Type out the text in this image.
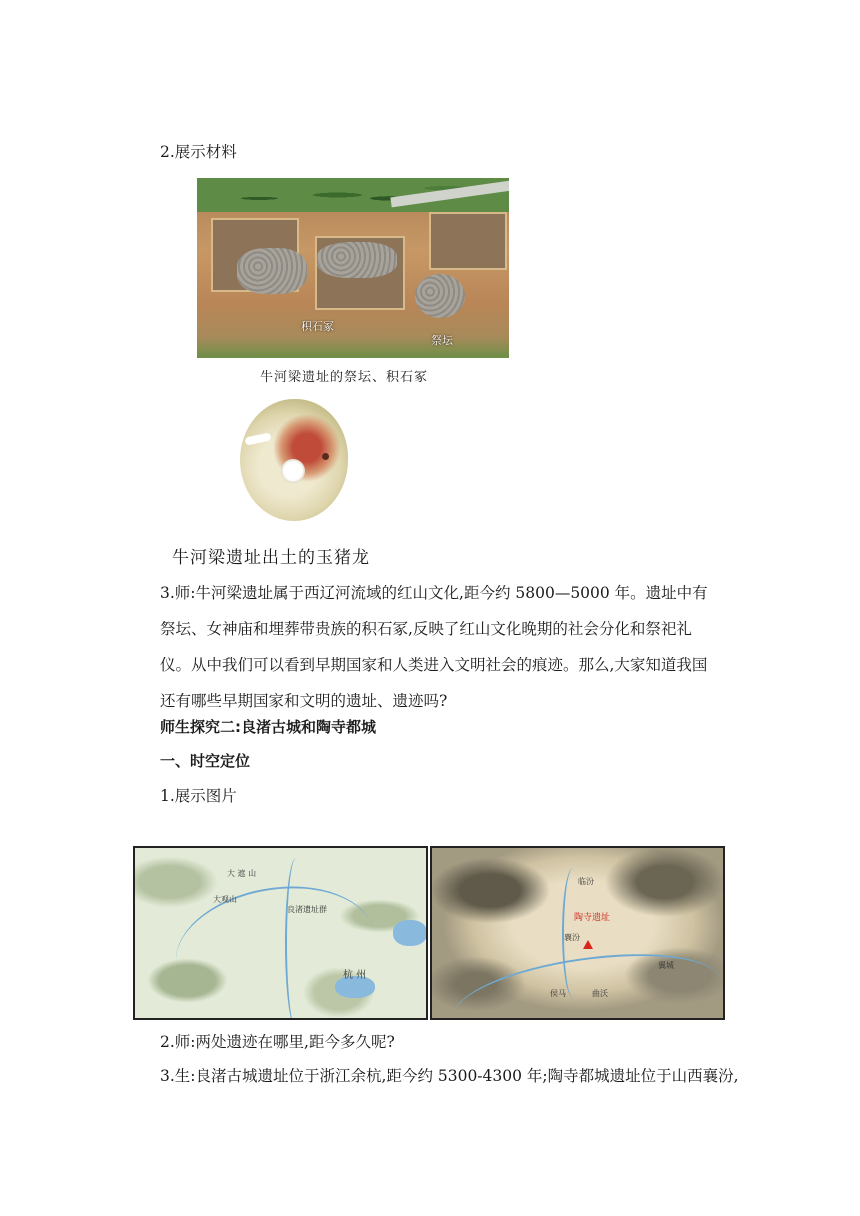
2.展示材料
积石冢
祭坛
牛河梁遗址的祭坛、积石冢
牛河梁遗址出土的玉猪龙
3.师:牛河梁遗址属于西辽河流域的红山文化,距今约 5800—5000 年。遗址中有祭坛、女神庙和埋葬带贵族的积石冢,反映了红山文化晚期的社会分化和祭祀礼仪。从中我们可以看到早期国家和人类进入文明社会的痕迹。那么,大家知道我国还有哪些早期国家和文明的遗址、遗迹吗?
师生探究二:良渚古城和陶寺都城
一、时空定位
1.展示图片
大 遮 山
大观山
良渚遗址群
杭 州
临汾
陶寺遗址
襄汾
翼城
侯马	曲沃
2.师:两处遗迹在哪里,距今多久呢?
3.生:良渚古城遗址位于浙江余杭,距今约 5300-4300 年;陶寺都城遗址位于山西襄汾,
